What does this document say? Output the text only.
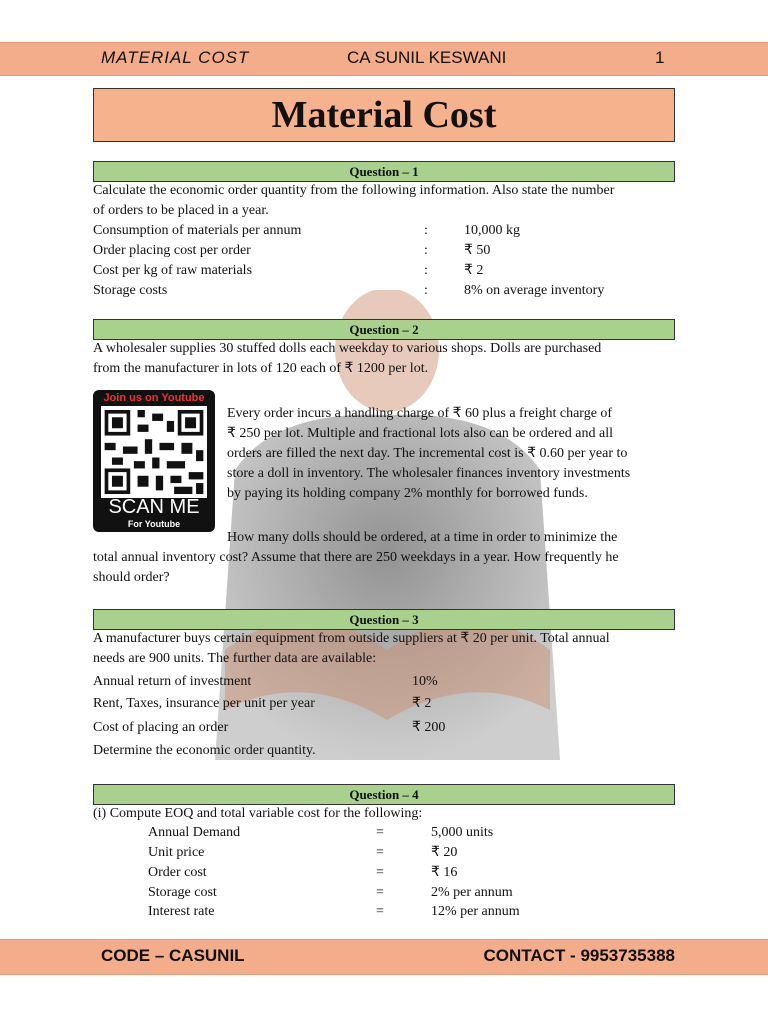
MATERIAL COST	CA SUNIL KESWANI	1
Material Cost
Question – 1
Calculate the economic order quantity from the following information. Also state the number
of orders to be placed in a year.
Consumption of materials per annum	:	10,000 kg
Order placing cost per order	:	₹ 50
Cost per kg of raw materials	:	₹ 2
Storage costs	:	8% on average inventory
Question – 2
A wholesaler supplies 30 stuffed dolls each weekday to various shops. Dolls are purchased
from the manufacturer in lots of 120 each of ₹ 1200 per lot.
Join us on Youtube
SCAN ME
For Youtube
Every order incurs a handling charge of ₹ 60 plus a freight charge of
₹ 250 per lot. Multiple and fractional lots also can be ordered and all
orders are filled the next day. The incremental cost is ₹ 0.60 per year to
store a doll in inventory. The wholesaler finances inventory investments
by paying its holding company 2% monthly for borrowed funds.
How many dolls should be ordered, at a time in order to minimize the
total annual inventory cost? Assume that there are 250 weekdays in a year. How frequently he
should order?
Question – 3
A manufacturer buys certain equipment from outside suppliers at ₹ 20 per unit. Total annual
needs are 900 units. The further data are available:
Annual return of investment	10%
Rent, Taxes, insurance per unit per year	₹ 2
Cost of placing an order	₹ 200
Determine the economic order quantity.
Question – 4
(i) Compute EOQ and total variable cost for the following:
Annual Demand	=	5,000 units
Unit price	=	₹ 20
Order cost	=	₹ 16
Storage cost	=	2% per annum
Interest rate	=	12% per annum
CODE – CASUNIL	CONTACT - 9953735388
